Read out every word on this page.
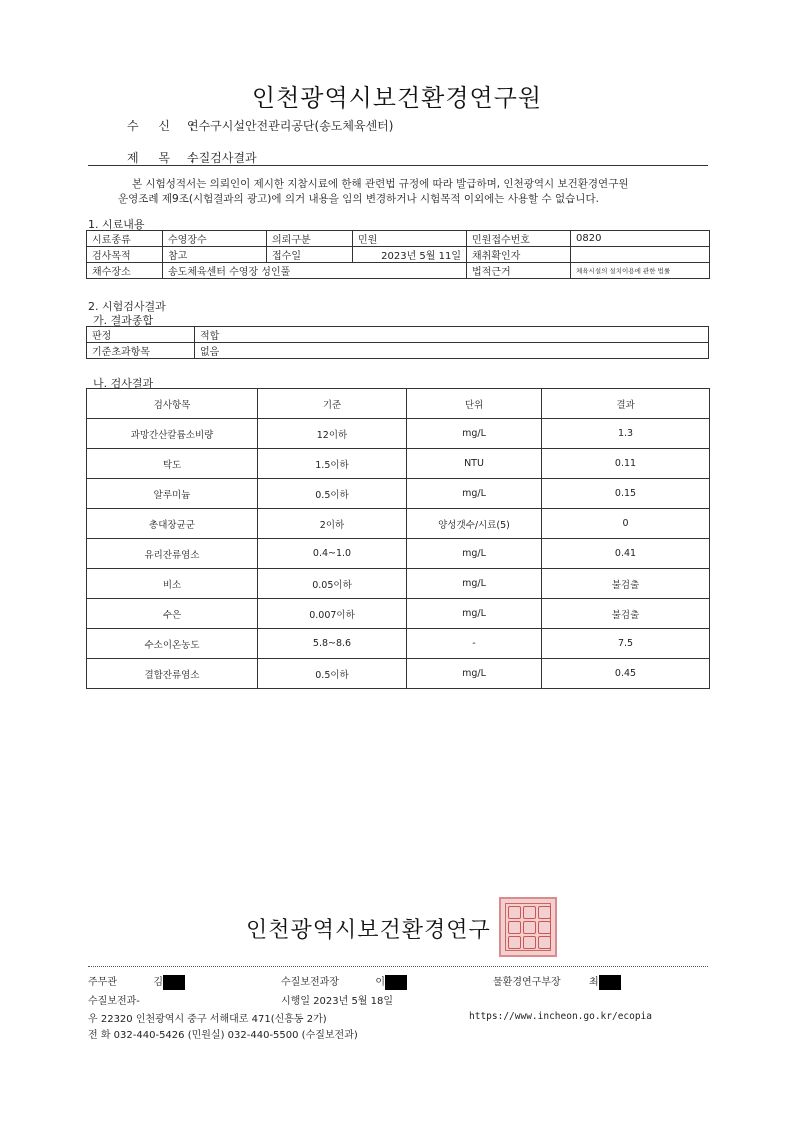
인천광역시보건환경연구원
수 신 :
연수구시설안전관리공단(송도체육센터)
제 목 :
수질검사결과
본 시험성적서는 의뢰인이 제시한 지참시료에 한해 관련법 규정에 따라 발급하며, 인천광역시 보건환경연구원
운영조례 제9조(시험결과의 광고)에 의거 내용을 임의 변경하거나 시험목적 이외에는 사용할 수 없습니다.
1. 시료내용
시료종류	수영장수	의뢰구분	민원	민원접수번호	0820
검사목적	참고	접수일	2023년 5월 11일	채취확인자	
채수장소	송도체육센터 수영장 성인풀			법적근거	체육시설의 설치이용에 관한 법률
2. 시험검사결과
가. 결과종합
판정	적합
기준초과항목	없음
나. 검사결과
검사항목	기준	단위	결과
과망간산칼륨소비량	12이하	mg/L	1.3
탁도	1.5이하	NTU	0.11
알루미늄	0.5이하	mg/L	0.15
총대장균군	2이하	양성갯수/시료(5)	0
유리잔류염소	0.4~1.0	mg/L	0.41
비소	0.05이하	mg/L	불검출
수은	0.007이하	mg/L	불검출
수소이온농도	5.8~8.6	-	7.5
결합잔류염소	0.5이하	mg/L	0.45
인천광역시보건환경연구
주무관	김	수질보전과장	이	물환경연구부장	최
수질보전과-	시행일 2023년 5월 18일
우 22320 인천광역시 중구 서해대로 471(신흥동 2가)	https://www.incheon.go.kr/ecopia
전 화 032-440-5426 (민원실) 032-440-5500 (수질보전과)
